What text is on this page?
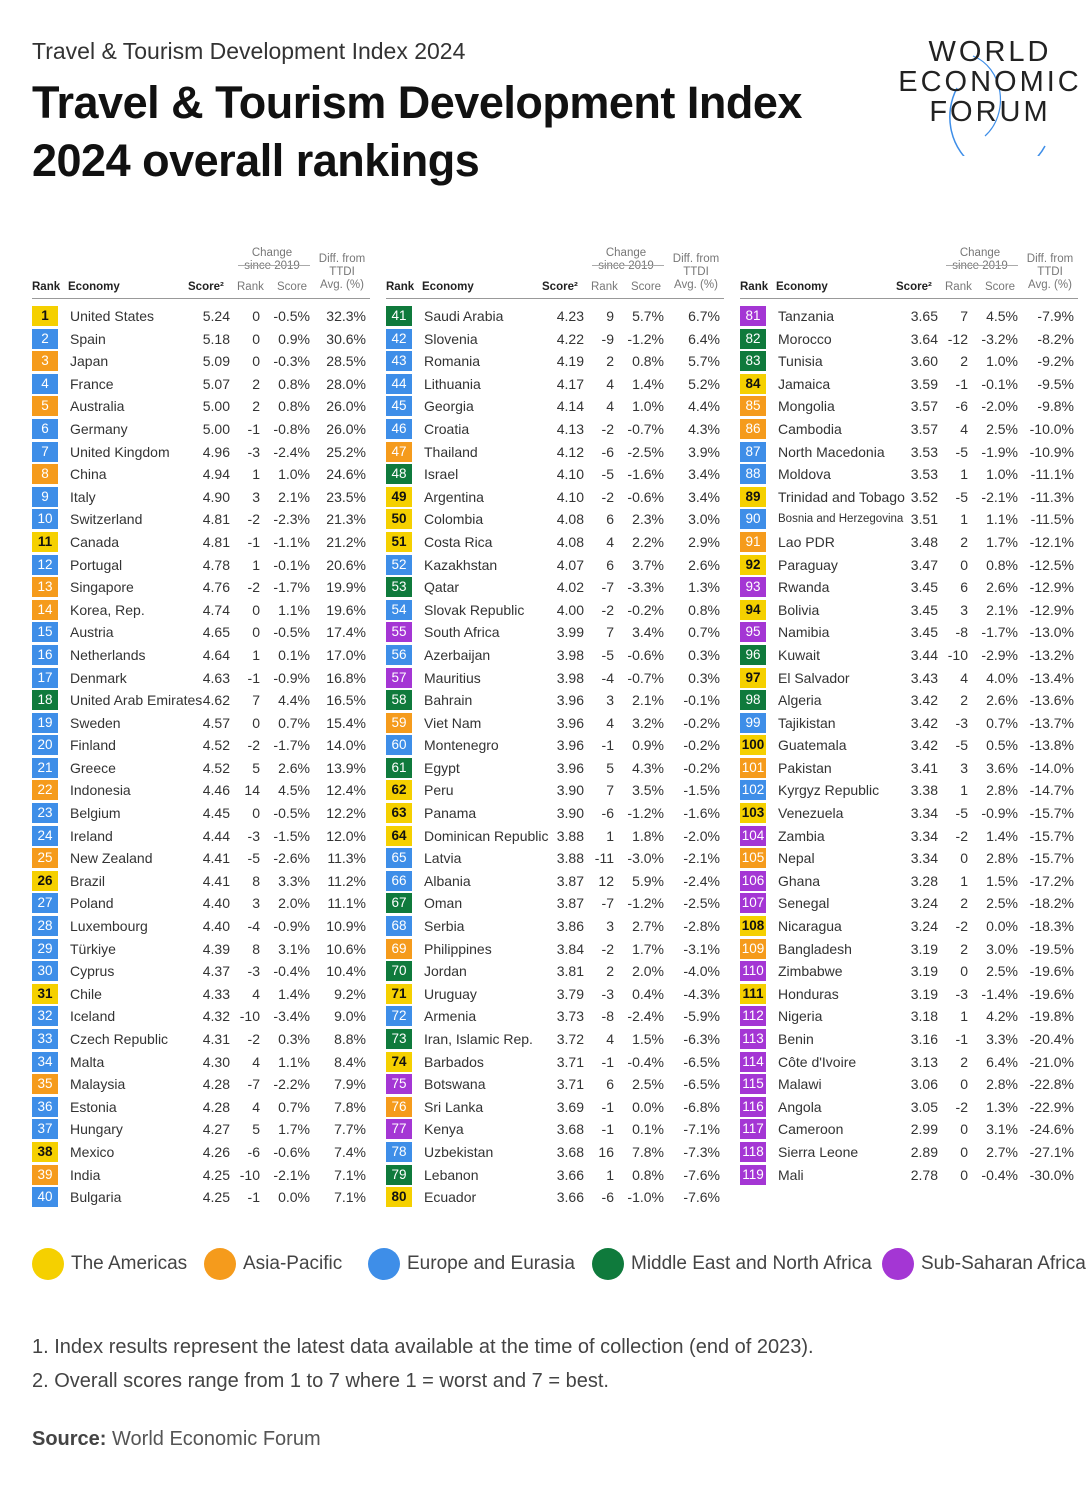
Travel & Tourism Development Index 2024
Travel & Tourism Development Index
2024 overall rankings
WORLD
ECONOMIC
FORUM
Change
since 2019
Diff. from
TTDI
Avg. (%)
Rank Economy	Score² Rank Score
1	United States	5.24	0 -0.5%	32.3%
2	Spain	5.18	0	0.9%	30.6%
3	Japan	5.09	0 -0.3%	28.5%
4	France	5.07	2	0.8%	28.0%
5	Australia	5.00	2	0.8%	26.0%
6	Germany	5.00	-1 -0.8%	26.0%
7	United Kingdom	4.96	-3 -2.4%	25.2%
8	China	4.94	1	1.0%	24.6%
9	Italy	4.90	3	2.1%	23.5%
10	Switzerland	4.81	-2 -2.3%	21.3%
11	Canada	4.81	-1 -1.1%	21.2%
12	Portugal	4.78	1 -0.1%	20.6%
13	Singapore	4.76	-2 -1.7%	19.9%
14	Korea, Rep.	4.74	0	1.1%	19.6%
15	Austria	4.65	0 -0.5%	17.4%
16	Netherlands	4.64	1	0.1%	17.0%
17	Denmark	4.63	-1 -0.9%	16.8%
18	United Arab Emirates 4.62	7	4.4%	16.5%
19	Sweden	4.57	0	0.7%	15.4%
20	Finland	4.52	-2 -1.7%	14.0%
21	Greece	4.52	5	2.6%	13.9%
22	Indonesia	4.46	14	4.5%	12.4%
23	Belgium	4.45	0 -0.5%	12.2%
24	Ireland	4.44	-3 -1.5%	12.0%
25	New Zealand	4.41	-5 -2.6%	11.3%
26	Brazil	4.41	8	3.3%	11.2%
27	Poland	4.40	3	2.0%	11.1%
28	Luxembourg	4.40	-4 -0.9%	10.9%
29	Türkiye	4.39	8	3.1%	10.6%
30	Cyprus	4.37	-3 -0.4%	10.4%
31	Chile	4.33	4	1.4%	9.2%
32	Iceland	4.32 -10 -3.4%	9.0%
33	Czech Republic	4.31	-2	0.3%	8.8%
34	Malta	4.30	4	1.1%	8.4%
35	Malaysia	4.28	-7 -2.2%	7.9%
36	Estonia	4.28	4	0.7%	7.8%
37	Hungary	4.27	5	1.7%	7.7%
38	Mexico	4.26	-6 -0.6%	7.4%
39	India	4.25 -10 -2.1%	7.1%
40	Bulgaria	4.25	-1	0.0%	7.1%
Change
since 2019
Diff. from
TTDI
Avg. (%)
Rank Economy	Score² Rank Score
41	Saudi Arabia	4.23	9	5.7%	6.7%
42	Slovenia	4.22	-9 -1.2%	6.4%
43	Romania	4.19	2	0.8%	5.7%
44	Lithuania	4.17	4	1.4%	5.2%
45	Georgia	4.14	4	1.0%	4.4%
46	Croatia	4.13	-2 -0.7%	4.3%
47	Thailand	4.12	-6 -2.5%	3.9%
48	Israel	4.10	-5 -1.6%	3.4%
49	Argentina	4.10	-2 -0.6%	3.4%
50	Colombia	4.08	6	2.3%	3.0%
51	Costa Rica	4.08	4	2.2%	2.9%
52	Kazakhstan	4.07	6	3.7%	2.6%
53	Qatar	4.02	-7 -3.3%	1.3%
54	Slovak Republic	4.00	-2 -0.2%	0.8%
55	South Africa	3.99	7	3.4%	0.7%
56	Azerbaijan	3.98	-5 -0.6%	0.3%
57	Mauritius	3.98	-4 -0.7%	0.3%
58	Bahrain	3.96	3	2.1%	-0.1%
59	Viet Nam	3.96	4	3.2%	-0.2%
60	Montenegro	3.96	-1	0.9%	-0.2%
61	Egypt	3.96	5	4.3%	-0.2%
62	Peru	3.90	7	3.5%	-1.5%
63	Panama	3.90	-6 -1.2%	-1.6%
64	Dominican Republic 3.88	1	1.8%	-2.0%
65	Latvia	3.88 -11 -3.0%	-2.1%
66	Albania	3.87	12	5.9%	-2.4%
67	Oman	3.87	-7 -1.2%	-2.5%
68	Serbia	3.86	3	2.7%	-2.8%
69	Philippines	3.84	-2	1.7%	-3.1%
70	Jordan	3.81	2	2.0%	-4.0%
71	Uruguay	3.79	-3	0.4%	-4.3%
72	Armenia	3.73	-8 -2.4%	-5.9%
73	Iran, Islamic Rep.	3.72	4	1.5%	-6.3%
74	Barbados	3.71	-1 -0.4%	-6.5%
75	Botswana	3.71	6	2.5%	-6.5%
76	Sri Lanka	3.69	-1	0.0%	-6.8%
77	Kenya	3.68	-1	0.1%	-7.1%
78	Uzbekistan	3.68	16	7.8%	-7.3%
79	Lebanon	3.66	1	0.8%	-7.6%
80	Ecuador	3.66	-6 -1.0%	-7.6%
Change
since 2019
Diff. from
TTDI
Avg. (%)
Rank Economy	Score² Rank Score
81	Tanzania	3.65	7	4.5%	-7.9%
82	Morocco	3.64 -12 -3.2%	-8.2%
83	Tunisia	3.60	2	1.0%	-9.2%
84	Jamaica	3.59	-1 -0.1%	-9.5%
85	Mongolia	3.57	-6 -2.0%	-9.8%
86	Cambodia	3.57	4	2.5% -10.0%
87	North Macedonia	3.53	-5 -1.9% -10.9%
88	Moldova	3.53	1	1.0% -11.1%
89	Trinidad and Tobago 3.52	-5 -2.1% -11.3%
90	Bosnia and Herzegovina 3.51	1	1.1% -11.5%
91	Lao PDR	3.48	2	1.7% -12.1%
92	Paraguay	3.47	0	0.8% -12.5%
93	Rwanda	3.45	6	2.6% -12.9%
94	Bolivia	3.45	3	2.1% -12.9%
95	Namibia	3.45	-8 -1.7% -13.0%
96	Kuwait	3.44 -10 -2.9% -13.2%
97	El Salvador	3.43	4	4.0% -13.4%
98	Algeria	3.42	2	2.6% -13.6%
99	Tajikistan	3.42	-3	0.7% -13.7%
100 Guatemala	3.42	-5	0.5% -13.8%
101 Pakistan	3.41	3	3.6% -14.0%
102 Kyrgyz Republic	3.38	1	2.8% -14.7%
103 Venezuela	3.34	-5 -0.9% -15.7%
104 Zambia	3.34	-2	1.4% -15.7%
105 Nepal	3.34	0	2.8% -15.7%
106 Ghana	3.28	1	1.5% -17.2%
107 Senegal	3.24	2	2.5% -18.2%
108 Nicaragua	3.24	-2	0.0% -18.3%
109 Bangladesh	3.19	2	3.0% -19.5%
110 Zimbabwe	3.19	0	2.5% -19.6%
111 Honduras	3.19	-3 -1.4% -19.6%
112 Nigeria	3.18	1	4.2% -19.8%
113 Benin	3.16	-1	3.3% -20.4%
114 Côte d'Ivoire	3.13	2	6.4% -21.0%
115 Malawi	3.06	0	2.8% -22.8%
116 Angola	3.05	-2	1.3% -22.9%
117 Cameroon	2.99	0	3.1% -24.6%
118 Sierra Leone	2.89	0	2.7% -27.1%
119 Mali	2.78	0 -0.4% -30.0%
The Americas	Asia-Pacific	Europe and Eurasia	Middle East and North Africa	Sub-Saharan Africa
1. Index results represent the latest data available at the time of collection (end of 2023).
2. Overall scores range from 1 to 7 where 1 = worst and 7 = best.
Source: World Economic Forum
